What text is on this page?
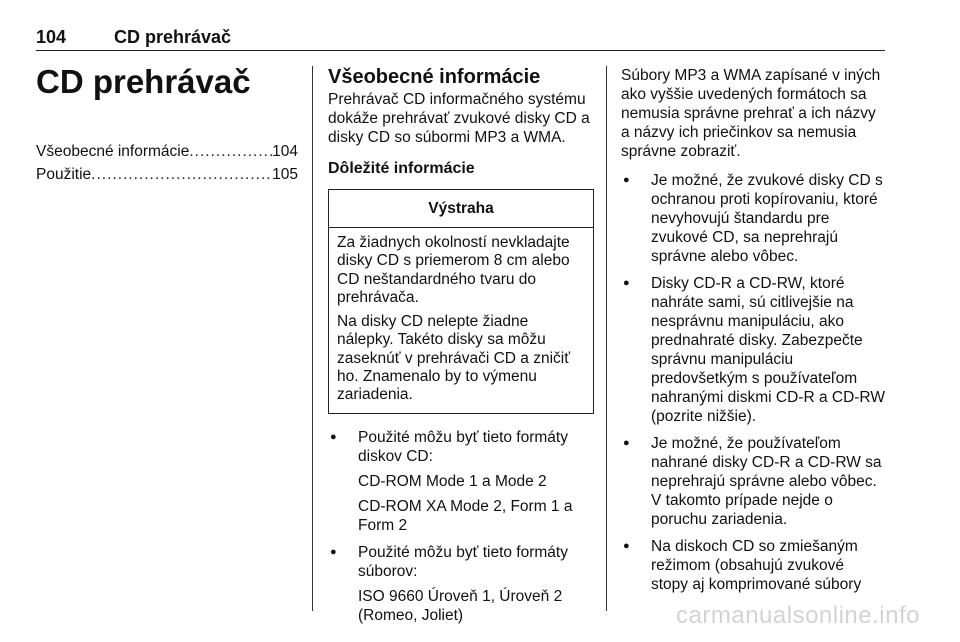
104	CD prehrávač
CD prehrávač
Všeobecné informácie .....	104
Použitie .....	105
Všeobecné informácie

Prehrávač CD informačného systému dokáže prehrávať zvukové disky CD a disky CD so súbormi MP3 a WMA.

Dôležité informácie
Výstraha

Za žiadnych okolností nevkladajte disky CD s priemerom 8 cm alebo CD neštandardného tvaru do prehrávača.

Na disky CD nelepte žiadne nálepky. Takéto disky sa môžu zaseknúť v prehrávači CD a zničiť ho. Znamenalo by to výmenu zariadenia.

● Použité môžu byť tieto formáty diskov CD:
CD-ROM Mode 1 a Mode 2
CD-ROM XA Mode 2, Form 1 a Form 2
● Použité môžu byť tieto formáty súborov:
ISO 9660 Úroveň 1, Úroveň 2 (Romeo, Joliet)

Súbory MP3 a WMA zapísané v iných ako vyššie uvedených formátoch sa nemusia správne prehrať a ich názvy a názvy ich priečinkov sa nemusia správne zobraziť.

● Je možné, že zvukové disky CD s ochranou proti kopírovaniu, ktoré nevyhovujú štandardu pre zvukové CD, sa neprehrajú správne alebo vôbec.
● Disky CD-R a CD-RW, ktoré nahráte sami, sú citlivejšie na nesprávnu manipuláciu, ako prednahraté disky. Zabezpečte správnu manipuláciu predovšetkým s používateľom nahranými diskmi CD-R a CD-RW (pozrite nižšie).
● Je možné, že používateľom nahrané disky CD-R a CD-RW sa neprehrajú správne alebo vôbec. V takomto prípade nejde o poruchu zariadenia.
● Na diskoch CD so zmiešaným režimom (obsahujú zvukové stopy aj komprimované súbory
carmanualsonline.info
